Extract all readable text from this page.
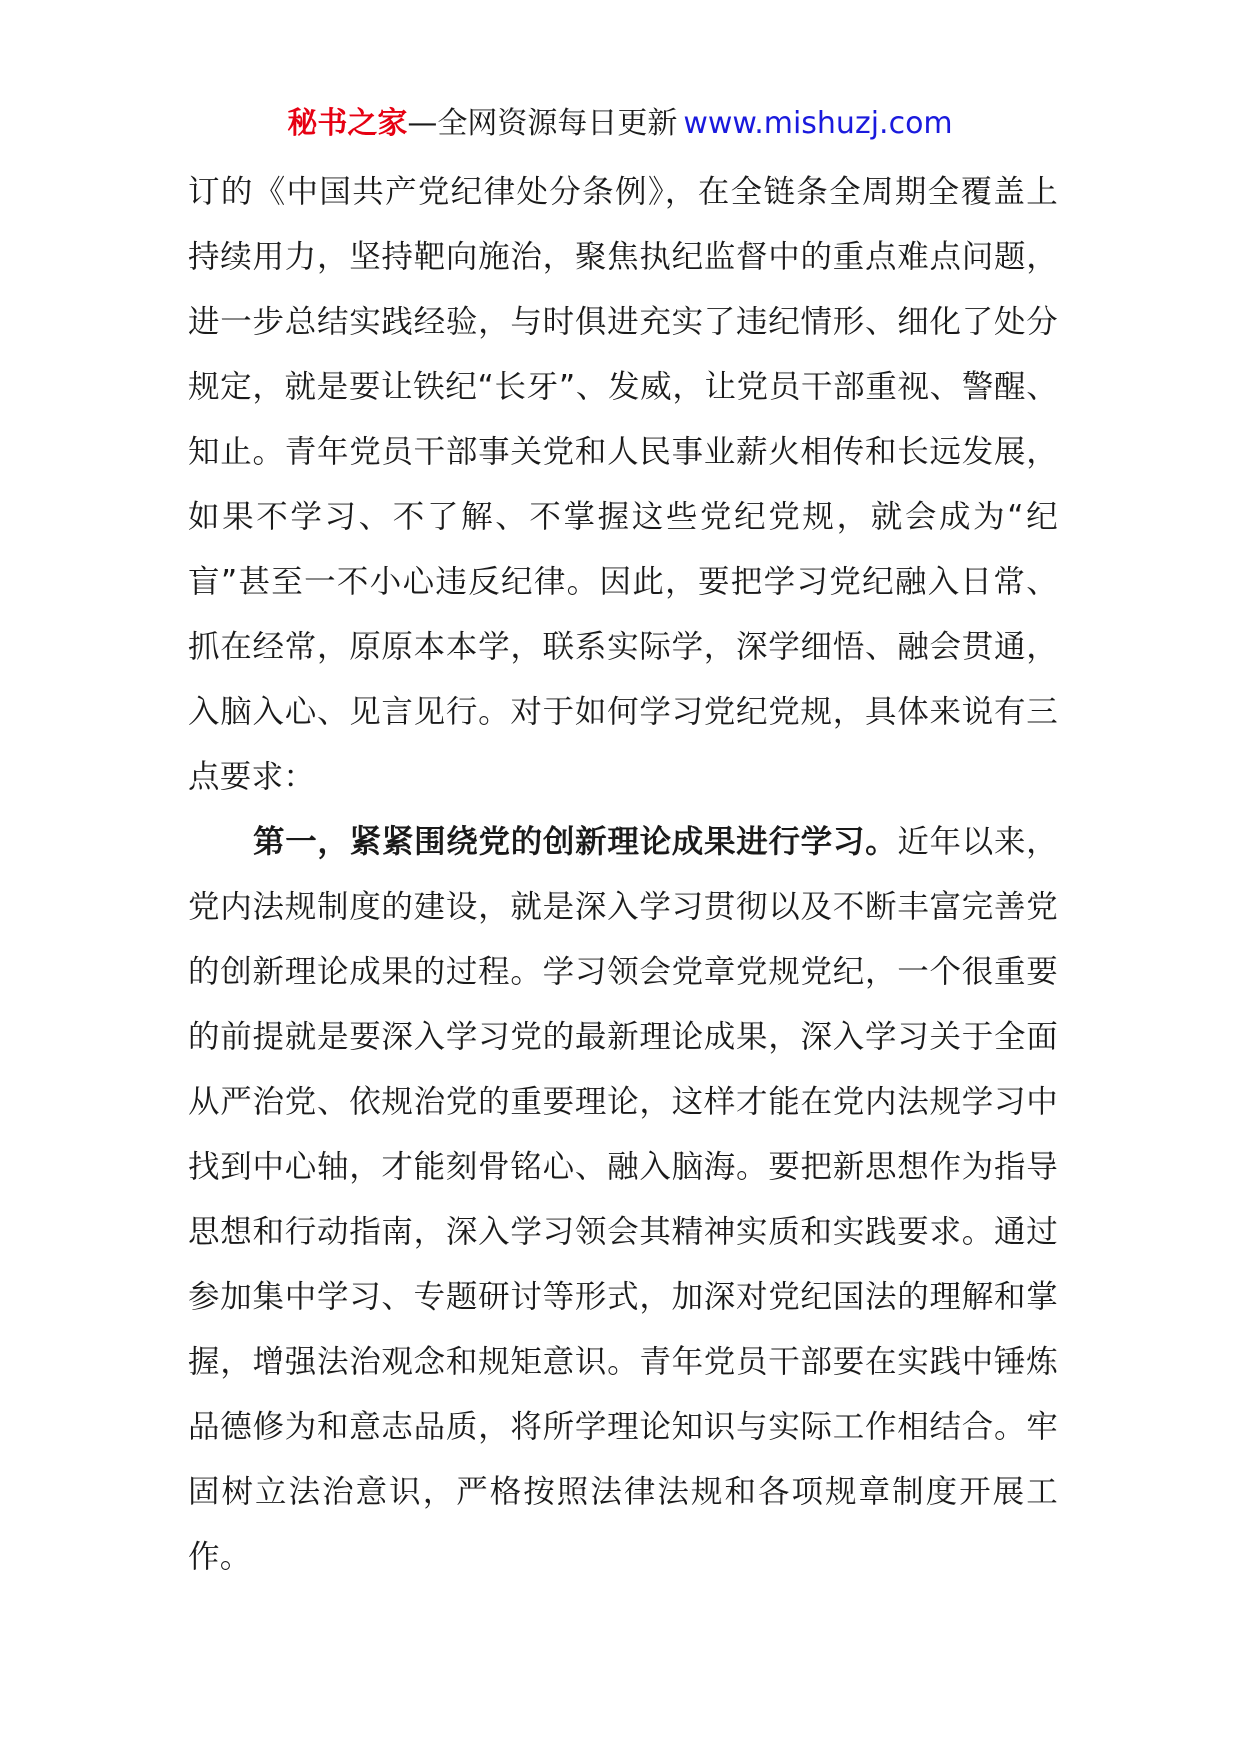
秘书之家—全网资源每日更新 www.mishuzj.com

订的《中国共产党纪律处分条例》，在全链条全周期全覆盖上持续用力，坚持靶向施治，聚焦执纪监督中的重点难点问题，进一步总结实践经验，与时俱进充实了违纪情形、细化了处分规定，就是要让铁纪“长牙”、发威，让党员干部重视、警醒、知止。青年党员干部事关党和人民事业薪火相传和长远发展，如果不学习、不了解、不掌握这些党纪党规，就会成为“纪盲”甚至一不小心违反纪律。因此，要把学习党纪融入日常、抓在经常，原原本本学，联系实际学，深学细悟、融会贯通，入脑入心、见言见行。对于如何学习党纪党规，具体来说有三点要求：

第一，紧紧围绕党的创新理论成果进行学习。近年以来，党内法规制度的建设，就是深入学习贯彻以及不断丰富完善党的创新理论成果的过程。学习领会党章党规党纪，一个很重要的前提就是要深入学习党的最新理论成果，深入学习关于全面从严治党、依规治党的重要理论，这样才能在党内法规学习中找到中心轴，才能刻骨铭心、融入脑海。要把新思想作为指导思想和行动指南，深入学习领会其精神实质和实践要求。通过参加集中学习、专题研讨等形式，加深对党纪国法的理解和掌握，增强法治观念和规矩意识。青年党员干部要在实践中锤炼品德修为和意志品质，将所学理论知识与实际工作相结合。牢固树立法治意识，严格按照法律法规和各项规章制度开展工作。
